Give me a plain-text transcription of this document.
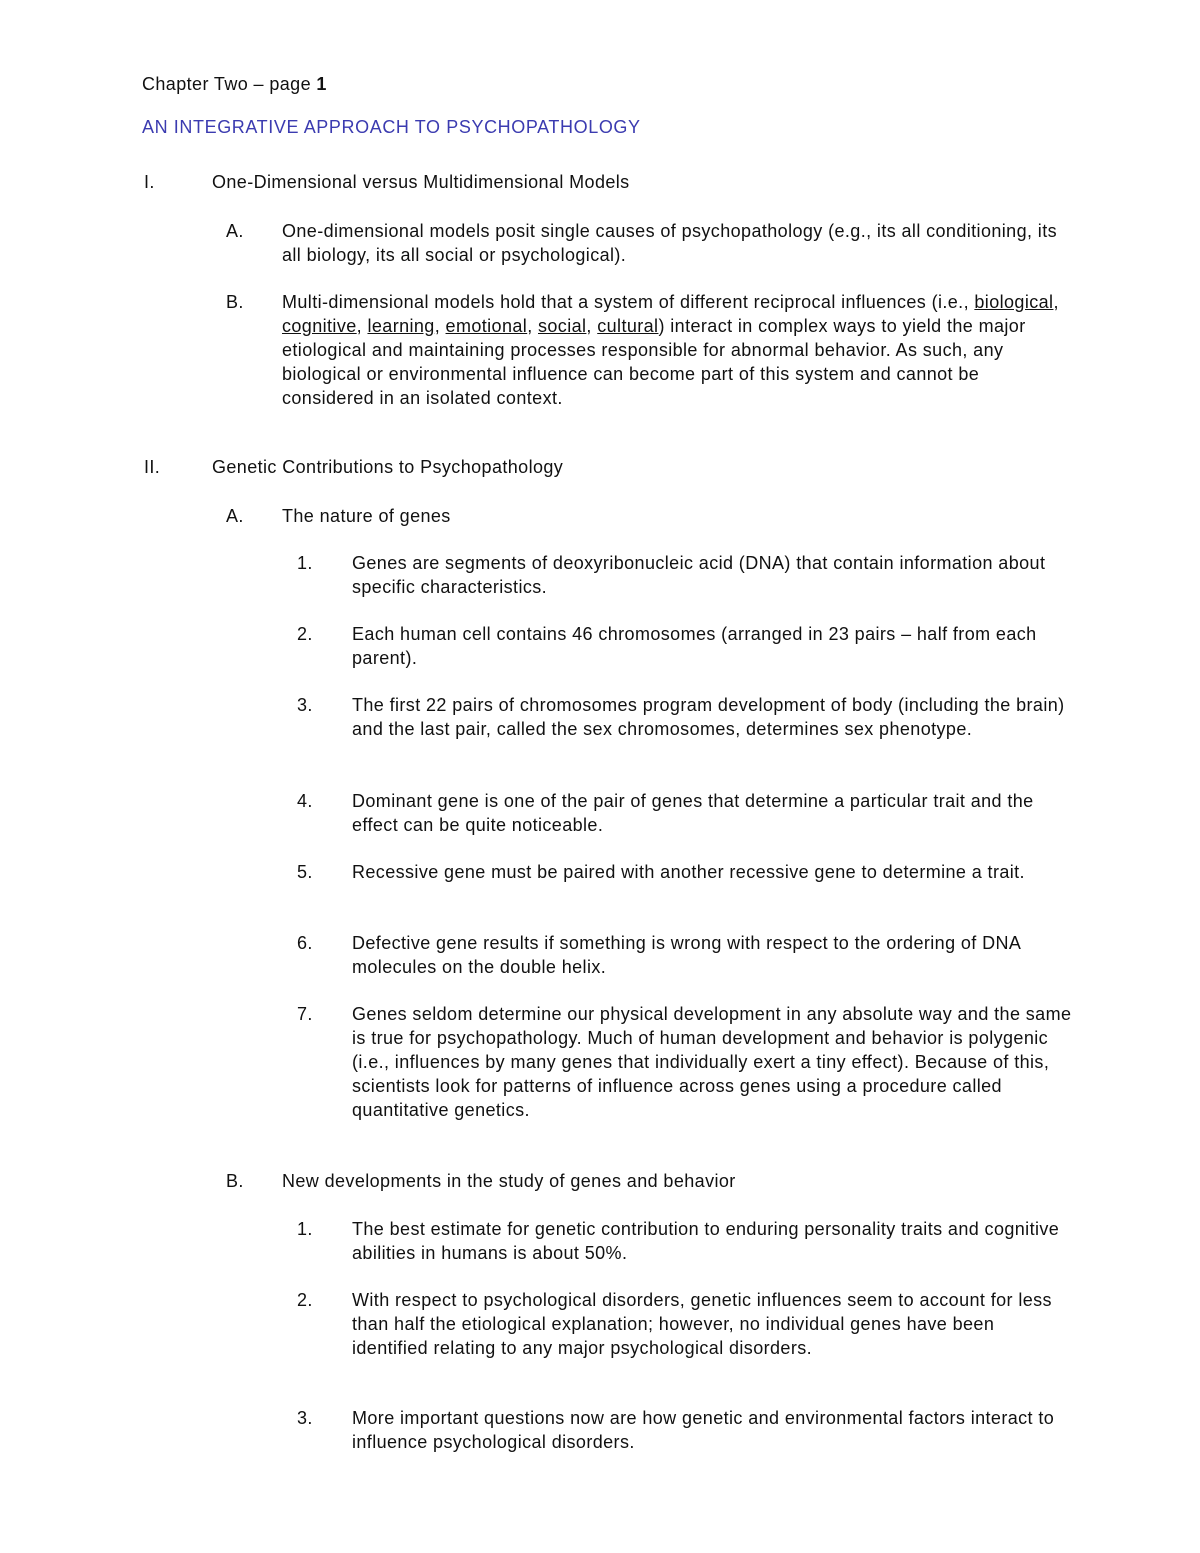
Chapter Two – page 1
AN INTEGRATIVE APPROACH TO PSYCHOPATHOLOGY
I.	One-Dimensional versus Multidimensional Models
A. One-dimensional models posit single causes of psychopathology (e.g., its all conditioning, its all biology, its all social or psychological).
B. Multi-dimensional models hold that a system of different reciprocal influences (i.e., biological, cognitive, learning, emotional, social, cultural) interact in complex ways to yield the major etiological and maintaining processes responsible for abnormal behavior. As such, any biological or environmental influence can become part of this system and cannot be considered in an isolated context.
II.	Genetic Contributions to Psychopathology
A. The nature of genes
1. Genes are segments of deoxyribonucleic acid (DNA) that contain information about specific characteristics.
2. Each human cell contains 46 chromosomes (arranged in 23 pairs – half from each parent).
3. The first 22 pairs of chromosomes program development of body (including the brain) and the last pair, called the sex chromosomes, determines sex phenotype.
4. Dominant gene is one of the pair of genes that determine a particular trait and the effect can be quite noticeable.
5. Recessive gene must be paired with another recessive gene to determine a trait.
6. Defective gene results if something is wrong with respect to the ordering of DNA molecules on the double helix.
7. Genes seldom determine our physical development in any absolute way and the same is true for psychopathology. Much of human development and behavior is polygenic (i.e., influences by many genes that individually exert a tiny effect). Because of this, scientists look for patterns of influence across genes using a procedure called quantitative genetics.
B. New developments in the study of genes and behavior
1. The best estimate for genetic contribution to enduring personality traits and cognitive abilities in humans is about 50%.
2. With respect to psychological disorders, genetic influences seem to account for less than half the etiological explanation; however, no individual genes have been identified relating to any major psychological disorders.
3. More important questions now are how genetic and environmental factors interact to influence psychological disorders.
